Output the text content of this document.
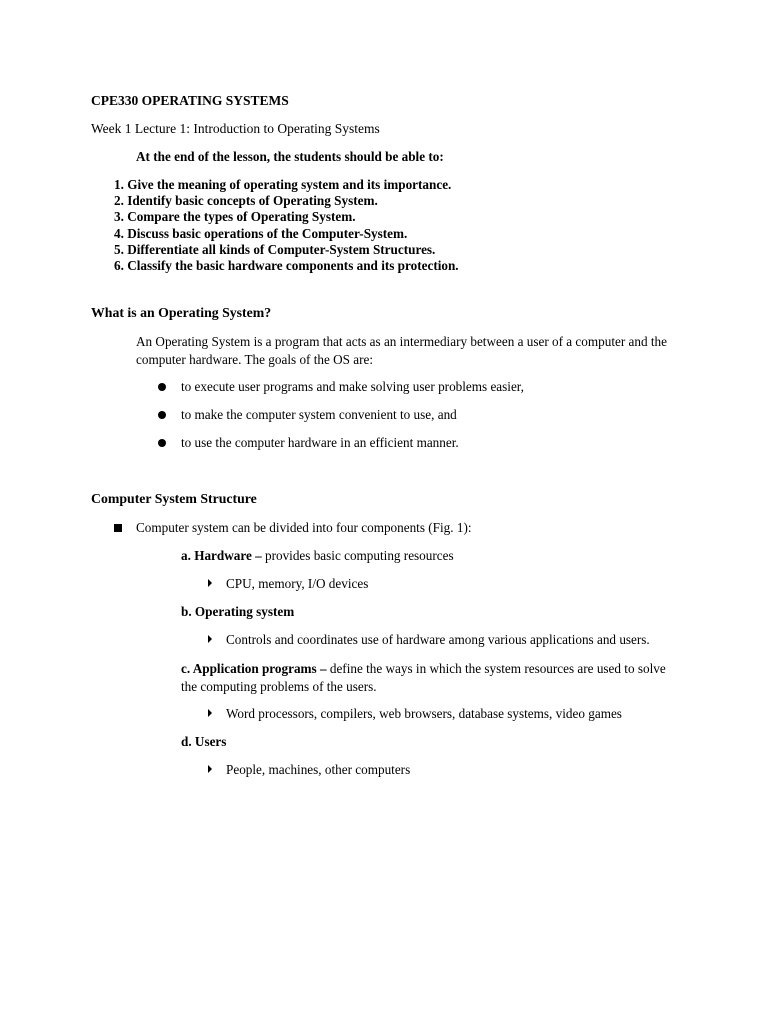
CPE330 OPERATING SYSTEMS
Week 1 Lecture 1: Introduction to Operating Systems
At the end of the lesson, the students should be able to:
1. Give the meaning of operating system and its importance.
2. Identify basic concepts of Operating System.
3. Compare the types of Operating System.
4. Discuss basic operations of the Computer-System.
5. Differentiate all kinds of Computer-System Structures.
6. Classify the basic hardware components and its protection.
What is an Operating System?
An Operating System is a program that acts as an intermediary between a user of a computer and the computer hardware. The goals of the OS are:
to execute user programs and make solving user problems easier,
to make the computer system convenient to use, and
to use the computer hardware in an efficient manner.
Computer System Structure
Computer system can be divided into four components (Fig. 1):
a. Hardware – provides basic computing resources
CPU, memory, I/O devices
b. Operating system
Controls and coordinates use of hardware among various applications and users.
c. Application programs – define the ways in which the system resources are used to solve the computing problems of the users.
Word processors, compilers, web browsers, database systems, video games
d. Users
People, machines, other computers
